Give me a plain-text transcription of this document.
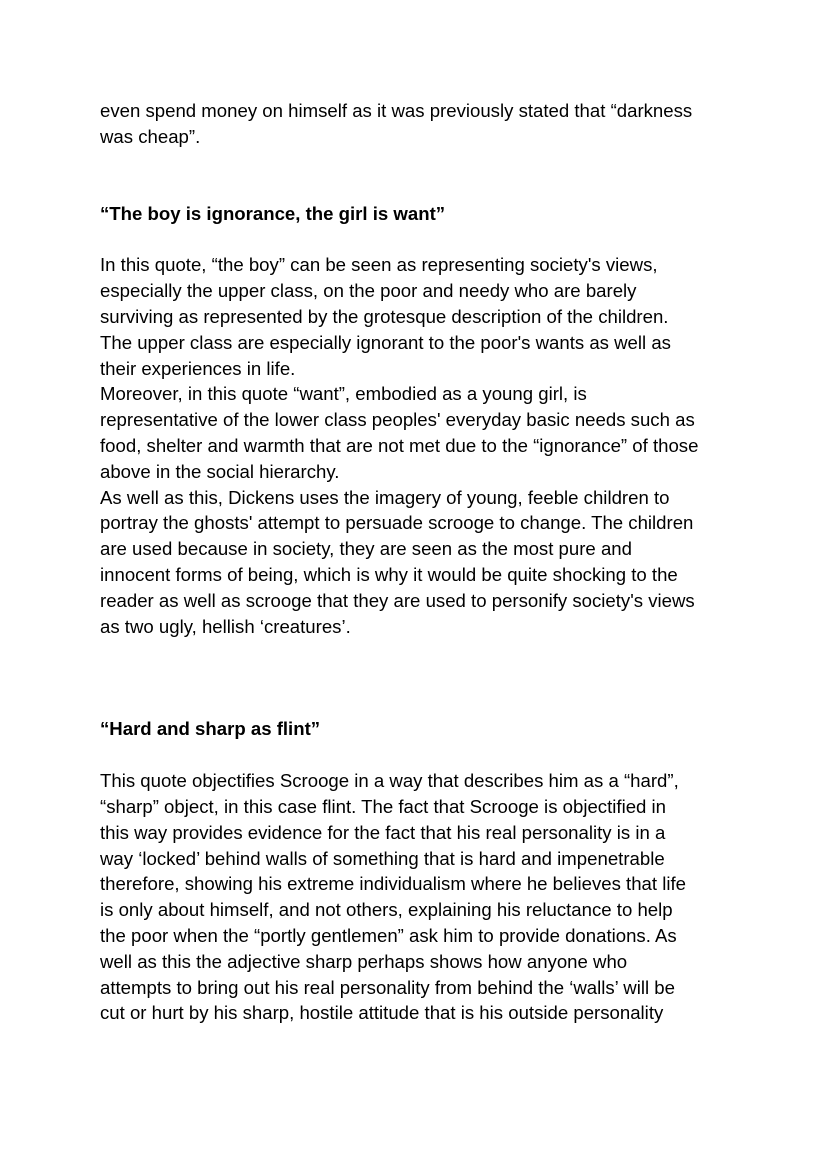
even spend money on himself as it was previously stated that “darkness
was cheap”.

“The boy is ignorance, the girl is want”

In this quote, “the boy” can be seen as representing society's views,
especially the upper class, on the poor and needy who are barely
surviving as represented by the grotesque description of the children.
The upper class are especially ignorant to the poor's wants as well as
their experiences in life.

Moreover, in this quote “want”, embodied as a young girl, is
representative of the lower class peoples' everyday basic needs such as
food, shelter and warmth that are not met due to the “ignorance” of those
above in the social hierarchy.

As well as this, Dickens uses the imagery of young, feeble children to
portray the ghosts' attempt to persuade scrooge to change. The children
are used because in society, they are seen as the most pure and
innocent forms of being, which is why it would be quite shocking to the
reader as well as scrooge that they are used to personify society's views
as two ugly, hellish ‘creatures’.

“Hard and sharp as flint”

This quote objectifies Scrooge in a way that describes him as a “hard”,
“sharp” object, in this case flint. The fact that Scrooge is objectified in
this way provides evidence for the fact that his real personality is in a
way ‘locked’ behind walls of something that is hard and impenetrable
therefore, showing his extreme individualism where he believes that life
is only about himself, and not others, explaining his reluctance to help
the poor when the “portly gentlemen” ask him to provide donations. As
well as this the adjective sharp perhaps shows how anyone who
attempts to bring out his real personality from behind the ‘walls’ will be
cut or hurt by his sharp, hostile attitude that is his outside personality
